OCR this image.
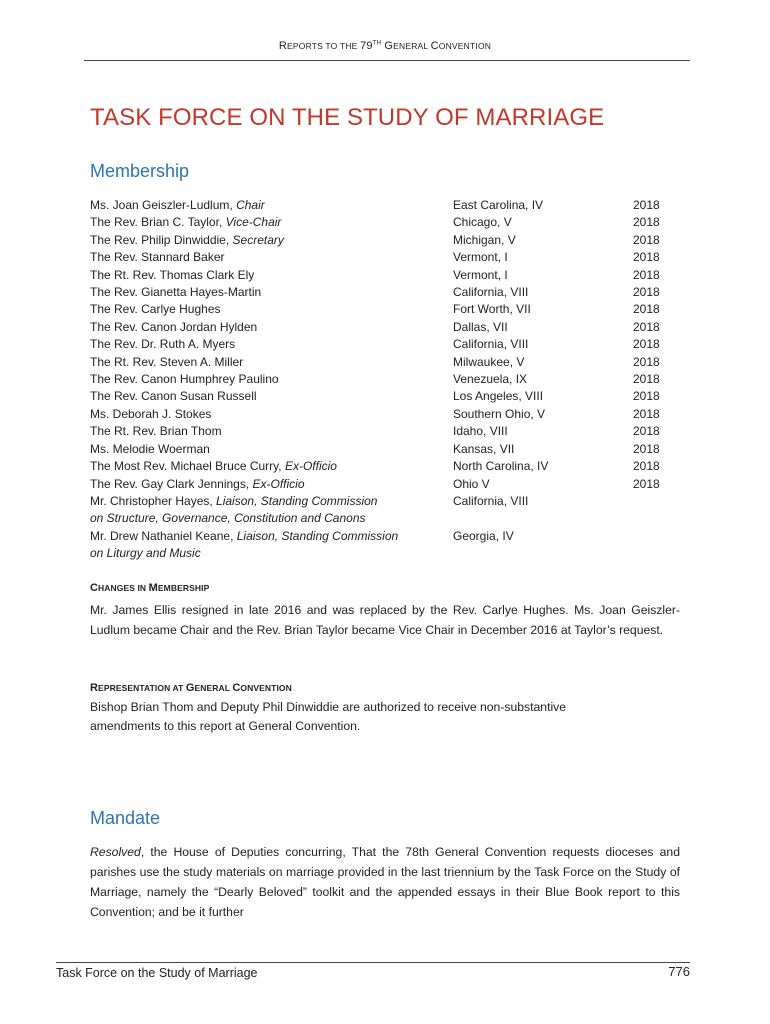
REPORTS TO THE 79TH GENERAL CONVENTION
TASK FORCE ON THE STUDY OF MARRIAGE
Membership
Ms. Joan Geiszler-Ludlum, Chair	East Carolina, IV	2018
The Rev. Brian C. Taylor, Vice-Chair	Chicago, V	2018
The Rev. Philip Dinwiddie, Secretary	Michigan, V	2018
The Rev. Stannard Baker	Vermont, I	2018
The Rt. Rev. Thomas Clark Ely	Vermont, I	2018
The Rev. Gianetta Hayes-Martin	California, VIII	2018
The Rev. Carlye Hughes	Fort Worth, VII	2018
The Rev. Canon Jordan Hylden	Dallas, VII	2018
The Rev. Dr. Ruth A. Myers	California, VIII	2018
The Rt. Rev. Steven A. Miller	Milwaukee, V	2018
The Rev. Canon Humphrey Paulino	Venezuela, IX	2018
The Rev. Canon Susan Russell	Los Angeles, VIII	2018
Ms. Deborah J. Stokes	Southern Ohio, V	2018
The Rt. Rev. Brian Thom	Idaho, VIII	2018
Ms. Melodie Woerman	Kansas, VII	2018
The Most Rev. Michael Bruce Curry, Ex-Officio	North Carolina, IV	2018
The Rev. Gay Clark Jennings, Ex-Officio	Ohio V	2018
Mr. Christopher Hayes, Liaison, Standing Commission	California, VIII
on Structure, Governance, Constitution and Canons
Mr. Drew Nathaniel Keane, Liaison, Standing Commission	Georgia, IV
on Liturgy and Music
CHANGES IN MEMBERSHIP
Mr. James Ellis resigned in late 2016 and was replaced by the Rev. Carlye Hughes. Ms. Joan Geiszler-Ludlum became Chair and the Rev. Brian Taylor became Vice Chair in December 2016 at Taylor’s request.
REPRESENTATION AT GENERAL CONVENTION
Bishop Brian Thom and Deputy Phil Dinwiddie are authorized to receive non-substantive amendments to this report at General Convention.
Mandate
Resolved, the House of Deputies concurring, That the 78th General Convention requests dioceses and parishes use the study materials on marriage provided in the last triennium by the Task Force on the Study of Marriage, namely the “Dearly Beloved” toolkit and the appended essays in their Blue Book report to this Convention; and be it further
Task Force on the Study of Marriage	776
